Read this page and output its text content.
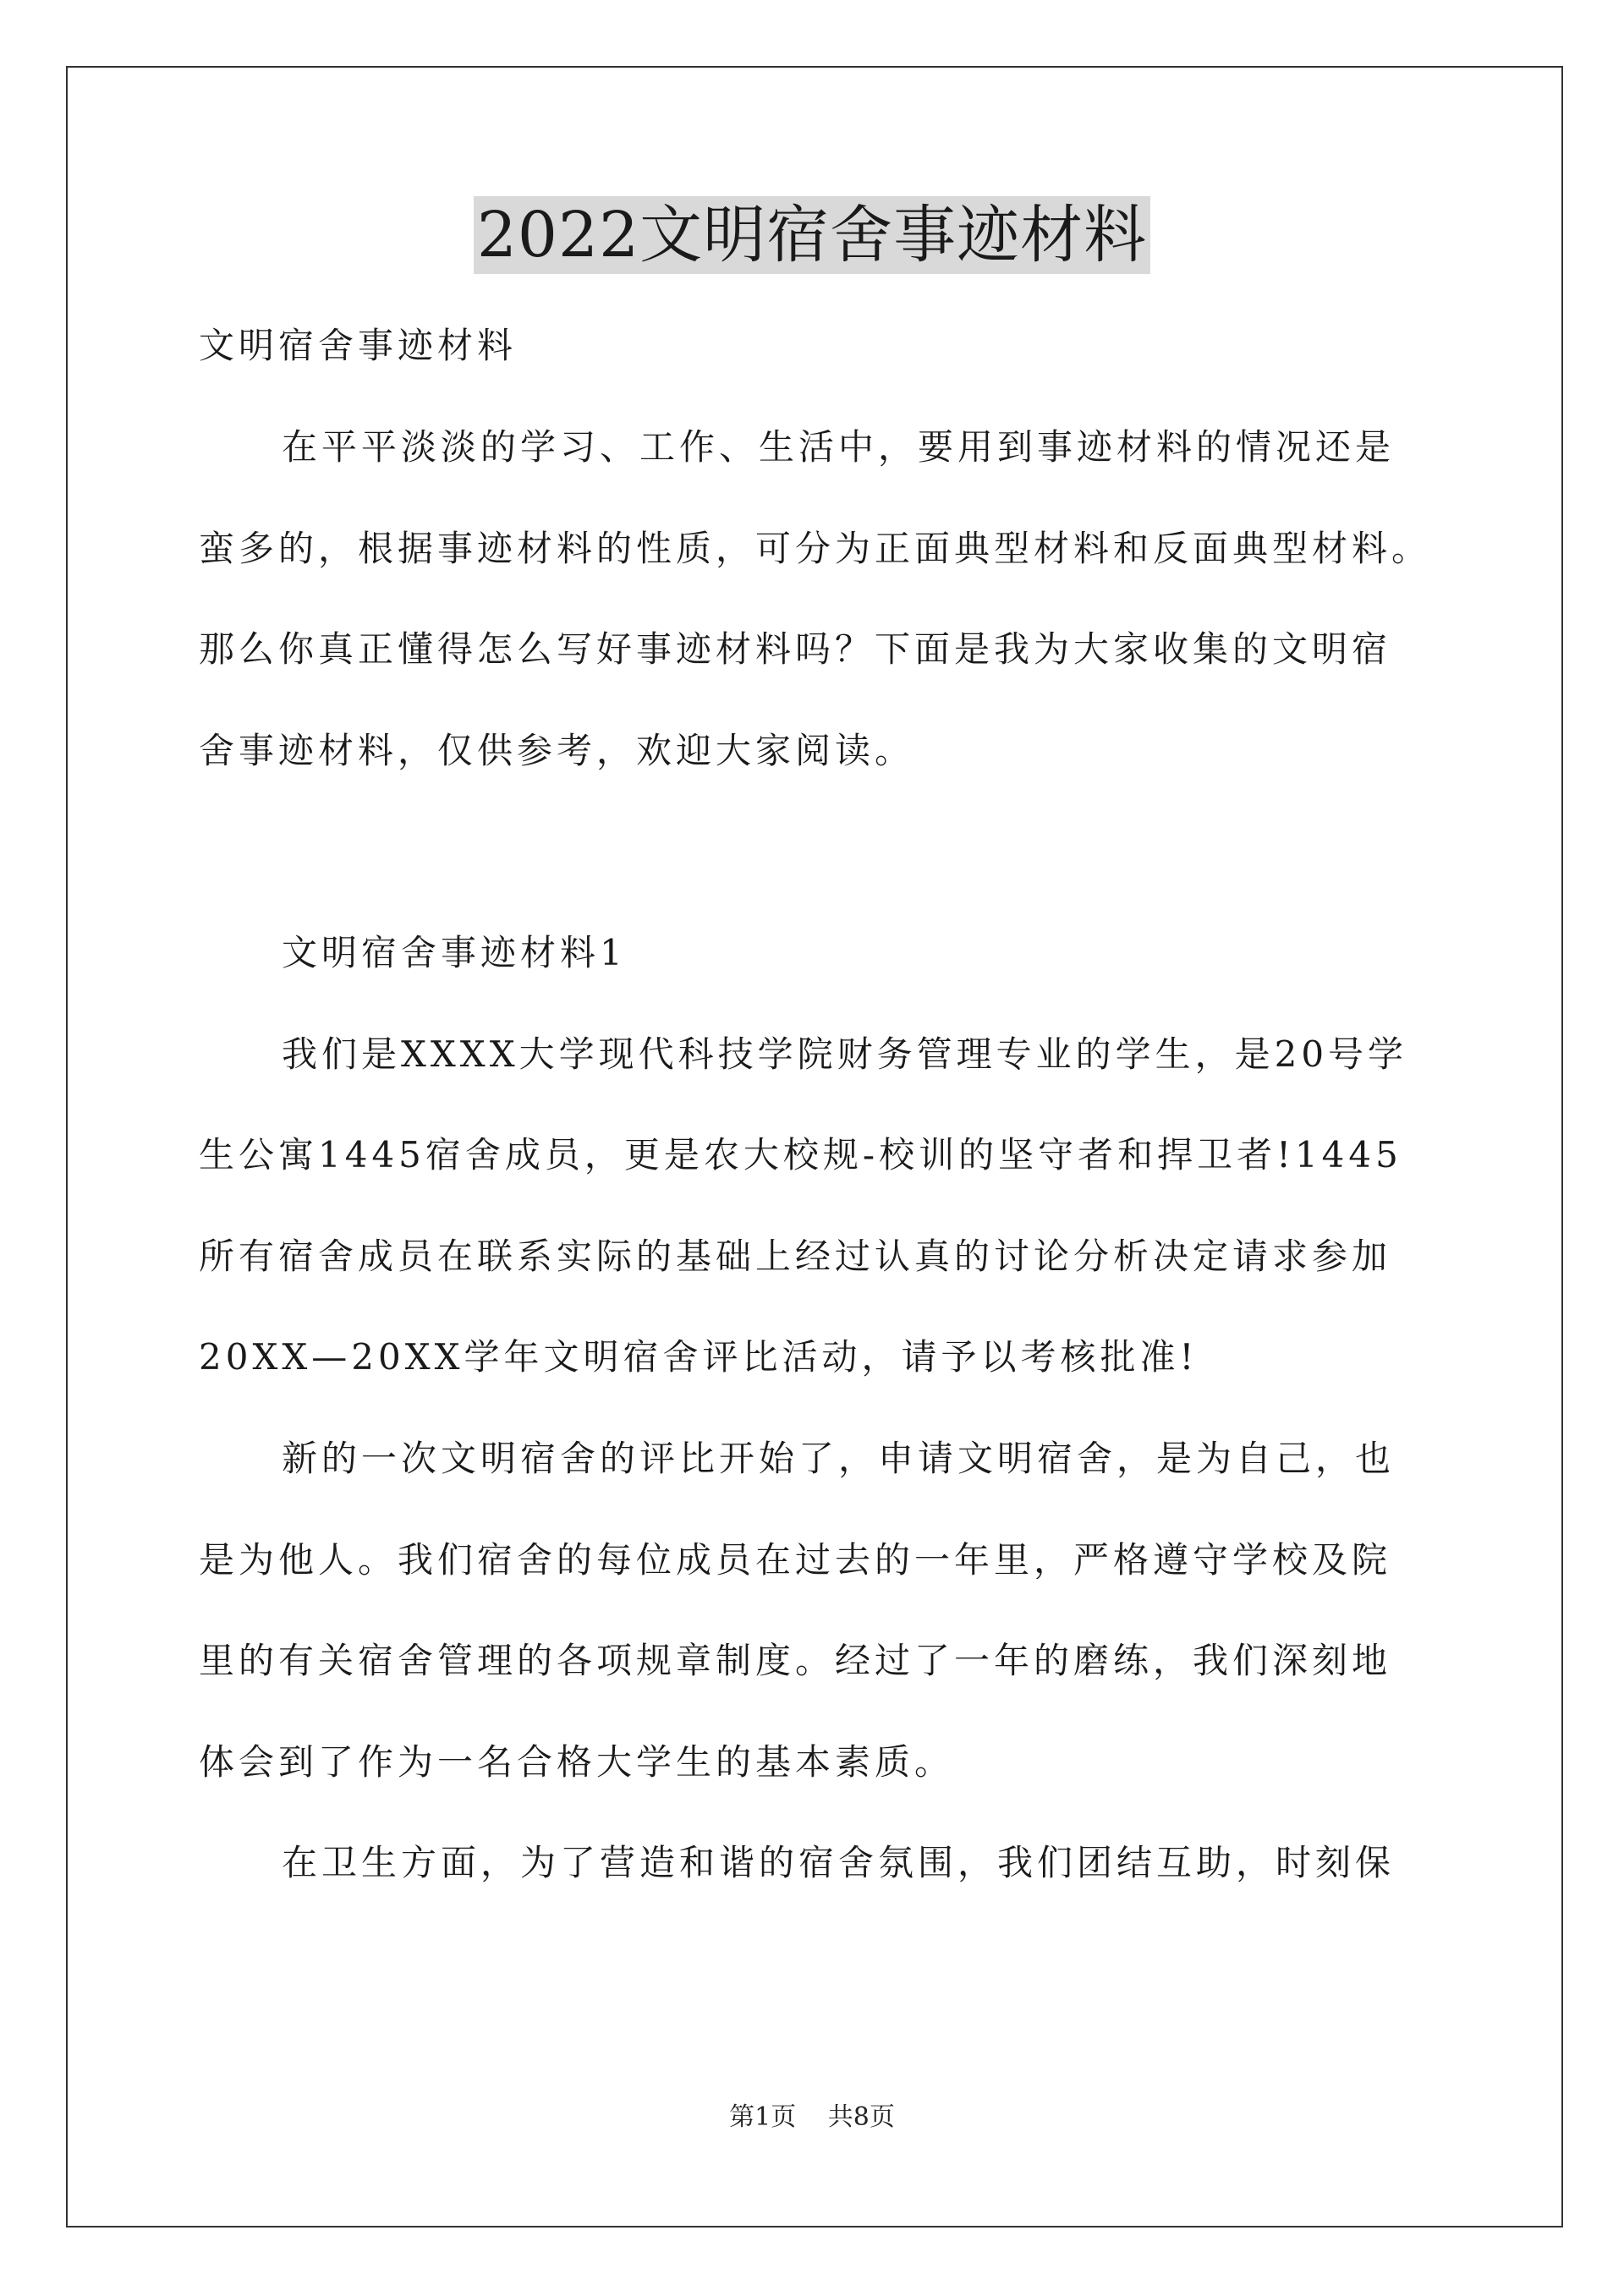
2022文明宿舍事迹材料
文明宿舍事迹材料
在平平淡淡的学习、工作、生活中，要用到事迹材料的情况还是
蛮多的，根据事迹材料的性质，可分为正面典型材料和反面典型材料。
那么你真正懂得怎么写好事迹材料吗？下面是我为大家收集的文明宿
舍事迹材料，仅供参考，欢迎大家阅读。
文明宿舍事迹材料1
我们是XXXX大学现代科技学院财务管理专业的学生，是20号学
生公寓1445宿舍成员，更是农大校规-校训的坚守者和捍卫者!1445
所有宿舍成员在联系实际的基础上经过认真的讨论分析决定请求参加
20XX—20XX学年文明宿舍评比活动，请予以考核批准!
新的一次文明宿舍的评比开始了，申请文明宿舍，是为自己，也
是为他人。我们宿舍的每位成员在过去的一年里，严格遵守学校及院
里的有关宿舍管理的各项规章制度。经过了一年的磨练，我们深刻地
体会到了作为一名合格大学生的基本素质。
在卫生方面，为了营造和谐的宿舍氛围，我们团结互助，时刻保
第1页 共8页
